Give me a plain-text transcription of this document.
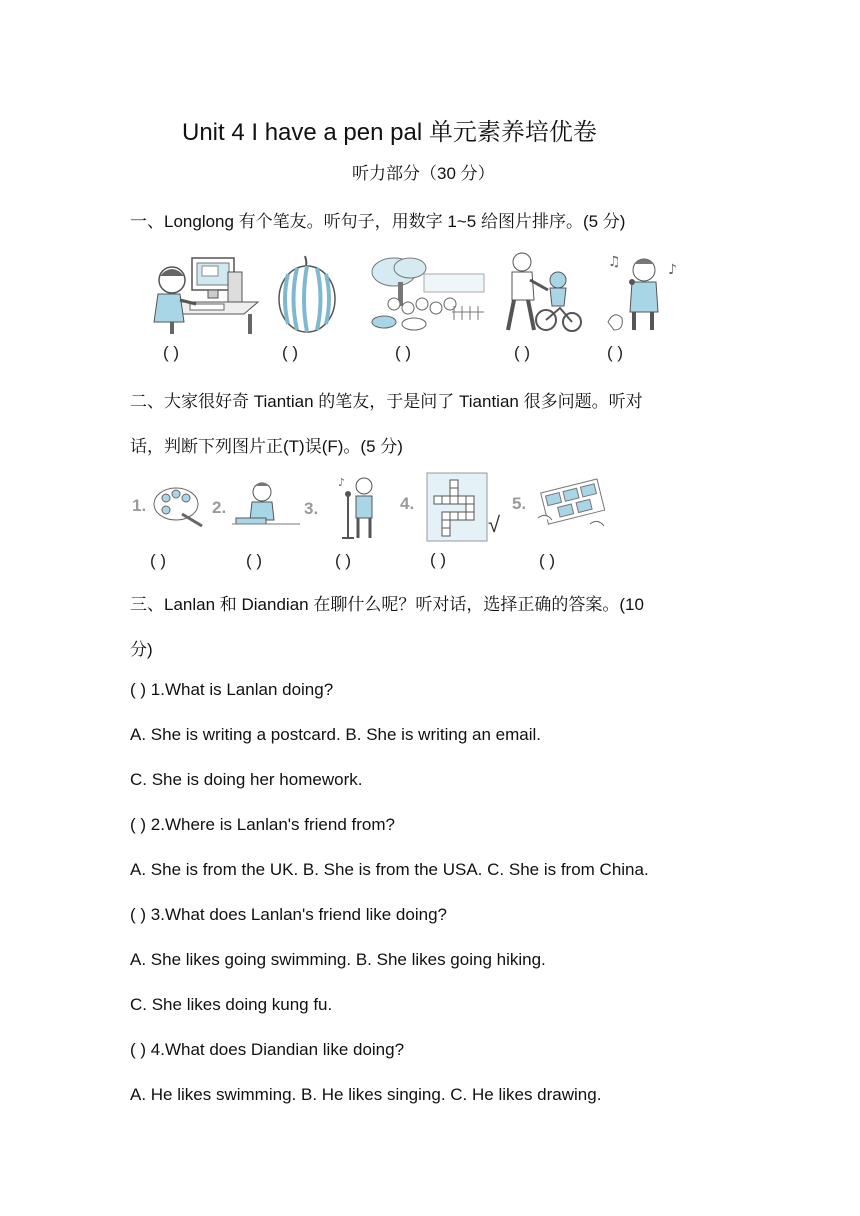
Unit 4 I have a pen pal 单元素养培优卷
听力部分（30 分）
一、Longlong 有个笔友。听句子，用数字 1~5 给图片排序。(5 分)
♫	♪
( )	( )	( )	( )	( )
二、大家很好奇 Tiantian 的笔友，于是问了 Tiantian 很多问题。听对
话，判断下列图片正(T)误(F)。(5 分)
1.	2.	3.
♪
4.
√
5.
( )	( )	( )	( )	( )
三、Lanlan 和 Diandian 在聊什么呢？听对话，选择正确的答案。(10
分)
( ) 1.What is Lanlan doing?
A. She is writing a postcard. B. She is writing an email.
C. She is doing her homework.
( ) 2.Where is Lanlan's friend from?
A. She is from the UK. B. She is from the USA. C. She is from China.
( ) 3.What does Lanlan's friend like doing?
A. She likes going swimming. B. She likes going hiking.
C. She likes doing kung fu.
( ) 4.What does Diandian like doing?
A. He likes swimming. B. He likes singing. C. He likes drawing.
